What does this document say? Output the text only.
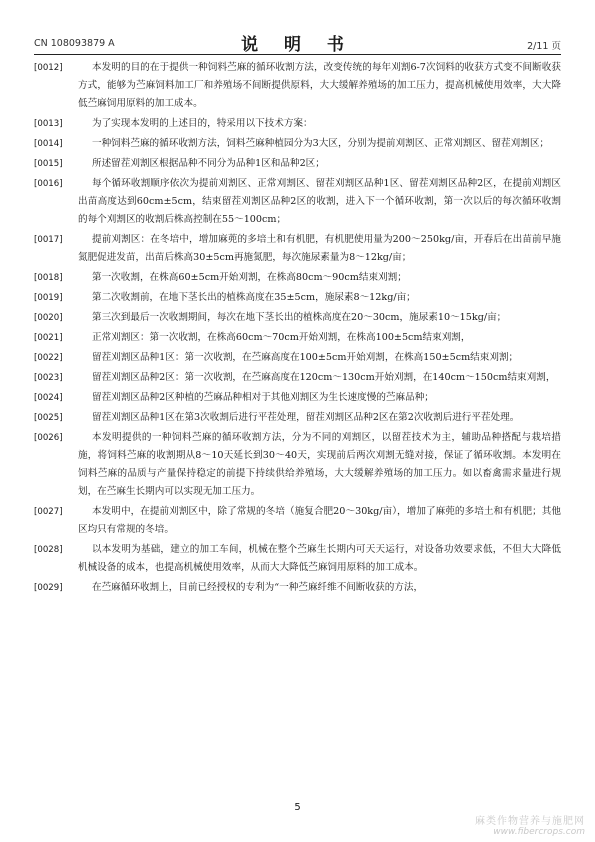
CN 108093879 A	说 明 书	2/11 页
[0012]	本发明的目的在于提供一种饲料苎麻的循环收割方法，改变传统的每年刈割6-7次饲料的收获方式变不间断收获方式，能够为苎麻饲料加工厂和养殖场不间断提供原料，大大缓解养殖场的加工压力，提高机械使用效率，大大降低苎麻饲用原料的加工成本。
[0013]	为了实现本发明的上述目的，特采用以下技术方案：
[0014]	一种饲料苎麻的循环收割方法，饲料苎麻种植园分为3大区，分别为提前刈割区、正常刈割区、留茬刈割区；
[0015]	所述留茬刈割区根据品种不同分为品种1区和品种2区；
[0016]	每个循环收割顺序依次为提前刈割区、正常刈割区、留茬刈割区品种1区、留茬刈割区品种2区，在提前刈割区出苗高度达到60cm±5cm，结束留茬刈割区品种2区的收割，进入下一个循环收割，第一次以后的每次循环收割的每个刈割区的收割后株高控制在55～100cm；
[0017]	提前刈割区：在冬培中，增加麻蔸的多培土和有机肥，有机肥使用量为200～250kg/亩，开春后在出苗前早施氮肥促进发苗，出苗后株高30±5cm再施氮肥，每次施尿素量为8～12kg/亩；
[0018]	第一次收割，在株高60±5cm开始刈割，在株高80cm～90cm结束刈割；
[0019]	第二次收割前，在地下茎长出的植株高度在35±5cm，施尿素8～12kg/亩；
[0020]	第三次到最后一次收割期间，每次在地下茎长出的植株高度在20～30cm，施尿素10～15kg/亩；
[0021]	正常刈割区：第一次收割，在株高60cm～70cm开始刈割，在株高100±5cm结束刈割，
[0022]	留茬刈割区品种1区：第一次收割，在苎麻高度在100±5cm开始刈割，在株高150±5cm结束刈割；
[0023]	留茬刈割区品种2区：第一次收割，在苎麻高度在120cm～130cm开始刈割，在140cm～150cm结束刈割，
[0024]	留茬刈割区品种2区种植的苎麻品种相对于其他刈割区为生长速度慢的苎麻品种；
[0025]	留茬刈割区品种1区在第3次收割后进行平茬处理，留茬刈割区品种2区在第2次收割后进行平茬处理。
[0026]	本发明提供的一种饲料苎麻的循环收割方法，分为不同的刈割区，以留茬技术为主，辅助品种搭配与栽培措施，将饲料苎麻的收割期从8～10天延长到30～40天，实现前后两次刈割无缝对接，保证了循环收割。本发明在饲料苎麻的品质与产量保持稳定的前提下持续供给养殖场，大大缓解养殖场的加工压力。如以畜禽需求量进行规划，在苎麻生长期内可以实现无加工压力。
[0027]	本发明中，在提前刈割区中，除了常规的冬培（施复合肥20～30kg/亩），增加了麻蔸的多培土和有机肥；其他区均只有常规的冬培。
[0028]	以本发明为基础，建立的加工车间，机械在整个苎麻生长期内可天天运行，对设备功效要求低，不但大大降低机械设备的成本，也提高机械使用效率，从而大大降低苎麻饲用原料的加工成本。
[0029]	在苎麻循环收割上，目前已经授权的专利为“一种苎麻纤维不间断收获的方法，
5
麻类作物营养与施肥网
www.fibercrops.com
